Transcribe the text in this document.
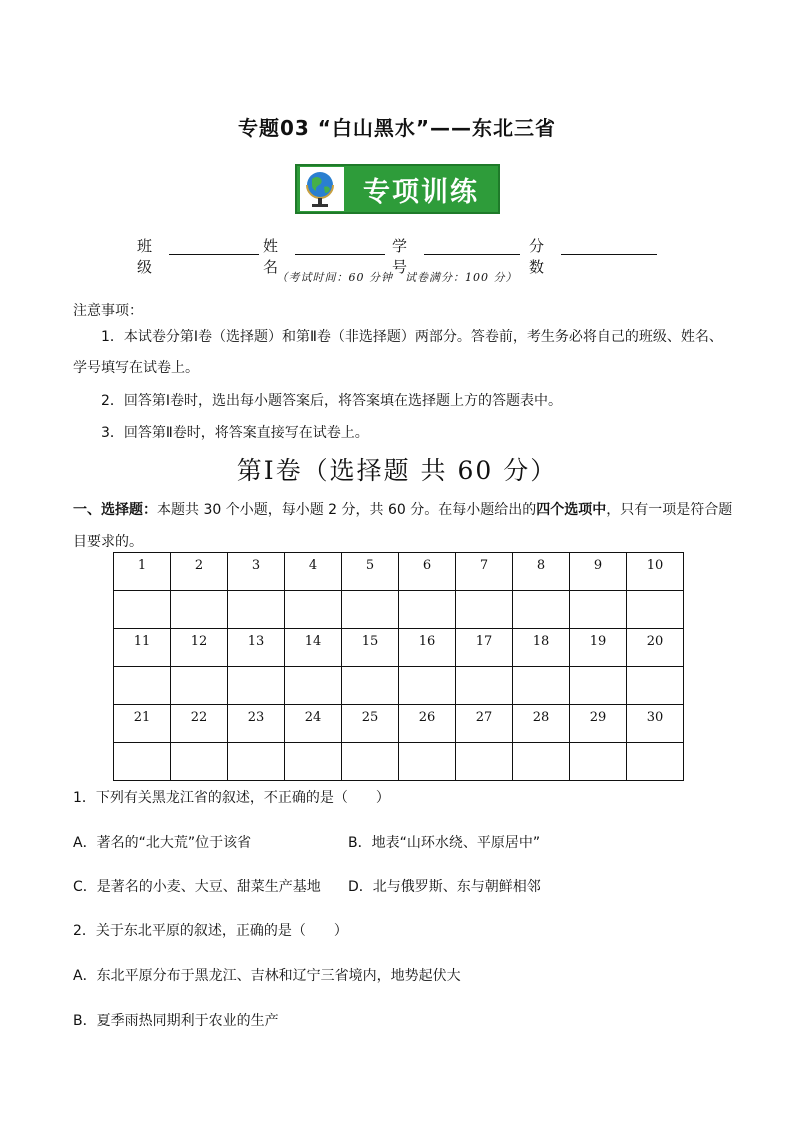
专题03 “白山黑水”——东北三省
专项训练
班级
姓名
学号
分数
（考试时间：60 分钟　试卷满分：100 分）
注意事项：
1．本试卷分第Ⅰ卷（选择题）和第Ⅱ卷（非选择题）两部分。答卷前，考生务必将自己的班级、姓名、学号填写在试卷上。
2．回答第Ⅰ卷时，选出每小题答案后，将答案填在选择题上方的答题表中。
3．回答第Ⅱ卷时，将答案直接写在试卷上。
第Ⅰ卷（选择题 共 60 分）
一、选择题：本题共 30 个小题，每小题 2 分，共 60 分。在每小题给出的四个选项中，只有一项是符合题目要求的。
1	2	3	4	5	6	7	8	9	10

11	12	13	14	15	16	17	18	19	20

21	22	23	24	25	26	27	28	29	30

1．下列有关黑龙江省的叙述，不正确的是（　　）
A．著名的“北大荒”位于该省	B．地表“山环水绕、平原居中”
C．是著名的小麦、大豆、甜菜生产基地 D．北与俄罗斯、东与朝鲜相邻
2．关于东北平原的叙述，正确的是（　　）
A．东北平原分布于黑龙江、吉林和辽宁三省境内，地势起伏大
B．夏季雨热同期利于农业的生产
